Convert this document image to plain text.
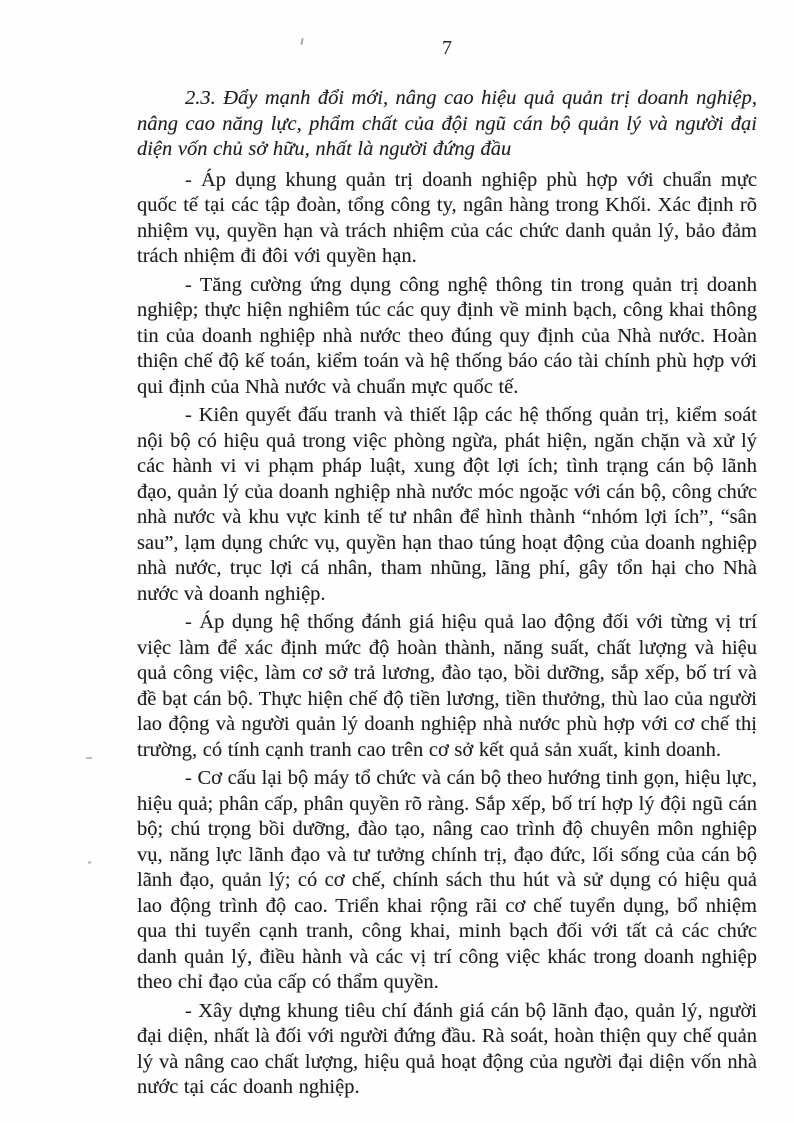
7

2.3. Đẩy mạnh đổi mới, nâng cao hiệu quả quản trị doanh nghiệp, nâng cao năng lực, phẩm chất của đội ngũ cán bộ quản lý và người đại diện vốn chủ sở hữu, nhất là người đứng đầu

- Áp dụng khung quản trị doanh nghiệp phù hợp với chuẩn mực quốc tế tại các tập đoàn, tổng công ty, ngân hàng trong Khối. Xác định rõ nhiệm vụ, quyền hạn và trách nhiệm của các chức danh quản lý, bảo đảm trách nhiệm đi đôi với quyền hạn.

- Tăng cường ứng dụng công nghệ thông tin trong quản trị doanh nghiệp; thực hiện nghiêm túc các quy định về minh bạch, công khai thông tin của doanh nghiệp nhà nước theo đúng quy định của Nhà nước. Hoàn thiện chế độ kế toán, kiểm toán và hệ thống báo cáo tài chính phù hợp với qui định của Nhà nước và chuẩn mực quốc tế.

- Kiên quyết đấu tranh và thiết lập các hệ thống quản trị, kiểm soát nội bộ có hiệu quả trong việc phòng ngừa, phát hiện, ngăn chặn và xử lý các hành vi vi phạm pháp luật, xung đột lợi ích; tình trạng cán bộ lãnh đạo, quản lý của doanh nghiệp nhà nước móc ngoặc với cán bộ, công chức nhà nước và khu vực kinh tế tư nhân để hình thành “nhóm lợi ích”, “sân sau”, lạm dụng chức vụ, quyền hạn thao túng hoạt động của doanh nghiệp nhà nước, trục lợi cá nhân, tham nhũng, lãng phí, gây tổn hại cho Nhà nước và doanh nghiệp.

- Áp dụng hệ thống đánh giá hiệu quả lao động đối với từng vị trí việc làm để xác định mức độ hoàn thành, năng suất, chất lượng và hiệu quả công việc, làm cơ sở trả lương, đào tạo, bồi dưỡng, sắp xếp, bố trí và đề bạt cán bộ. Thực hiện chế độ tiền lương, tiền thưởng, thù lao của người lao động và người quản lý doanh nghiệp nhà nước phù hợp với cơ chế thị trường, có tính cạnh tranh cao trên cơ sở kết quả sản xuất, kinh doanh.

- Cơ cấu lại bộ máy tổ chức và cán bộ theo hướng tinh gọn, hiệu lực, hiệu quả; phân cấp, phân quyền rõ ràng. Sắp xếp, bố trí hợp lý đội ngũ cán bộ; chú trọng bồi dưỡng, đào tạo, nâng cao trình độ chuyên môn nghiệp vụ, năng lực lãnh đạo và tư tưởng chính trị, đạo đức, lối sống của cán bộ lãnh đạo, quản lý; có cơ chế, chính sách thu hút và sử dụng có hiệu quả lao động trình độ cao. Triển khai rộng rãi cơ chế tuyển dụng, bổ nhiệm qua thi tuyển cạnh tranh, công khai, minh bạch đối với tất cả các chức danh quản lý, điều hành và các vị trí công việc khác trong doanh nghiệp theo chỉ đạo của cấp có thẩm quyền.

- Xây dựng khung tiêu chí đánh giá cán bộ lãnh đạo, quản lý, người đại diện, nhất là đối với người đứng đầu. Rà soát, hoàn thiện quy chế quản lý và nâng cao chất lượng, hiệu quả hoạt động của người đại diện vốn nhà nước tại các doanh nghiệp.
